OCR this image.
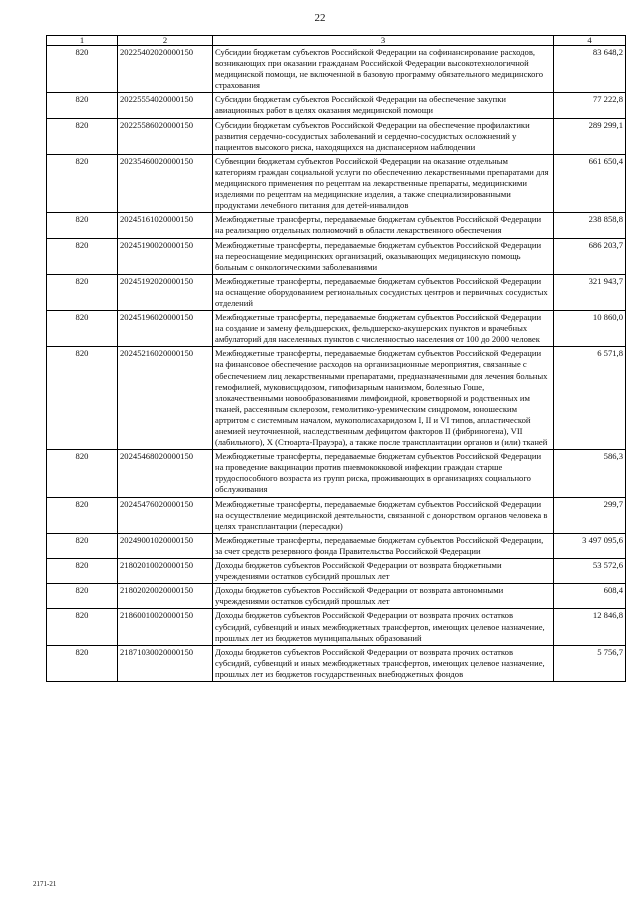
22
1	2	3	4
820	20225402020000150	Субсидии бюджетам субъектов Российской Федерации на софинансирование расходов, возникающих при оказании гражданам Российской Федерации высокотехнологичной медицинской помощи, не включенной в базовую программу обязательного медицинского страхования	83 648,2
820	20225554020000150	Субсидии бюджетам субъектов Российской Федерации на обеспечение закупки авиационных работ в целях оказания медицинской помощи	77 222,8
820	20225586020000150	Субсидии бюджетам субъектов Российской Федерации на обеспечение профилактики развития сердечно-сосудистых заболеваний и сердечно-сосудистых осложнений у пациентов высокого риска, находящихся на диспансерном наблюдении	289 299,1
820	20235460020000150	Субвенции бюджетам субъектов Российской Федерации на оказание отдельным категориям граждан социальной услуги по обеспечению лекарственными препаратами для медицинского применения по рецептам на лекарственные препараты, медицинскими изделиями по рецептам на медицинские изделия, а также специализированными продуктами лечебного питания для детей-инвалидов	661 650,4
820	20245161020000150	Межбюджетные трансферты, передаваемые бюджетам субъектов Российской Федерации на реализацию отдельных полномочий в области лекарственного обеспечения	238 858,8
820	20245190020000150	Межбюджетные трансферты, передаваемые бюджетам субъектов Российской Федерации на переоснащение медицинских организаций, оказывающих медицинскую помощь больным с онкологическими заболеваниями	686 203,7
820	20245192020000150	Межбюджетные трансферты, передаваемые бюджетам субъектов Российской Федерации на оснащение оборудованием региональных сосудистых центров и первичных сосудистых отделений	321 943,7
820	20245196020000150	Межбюджетные трансферты, передаваемые бюджетам субъектов Российской Федерации на создание и замену фельдшерских, фельдшерско-акушерских пунктов и врачебных амбулаторий для населенных пунктов с численностью населения от 100 до 2000 человек	10 860,0
820	20245216020000150	Межбюджетные трансферты, передаваемые бюджетам субъектов Российской Федерации на финансовое обеспечение расходов на организационные мероприятия, связанные с обеспечением лиц лекарственными препаратами, предназначенными для лечения больных гемофилией, муковисцидозом, гипофизарным нанизмом, болезнью Гоше, злокачественными новообразованиями лимфоидной, кроветворной и родственных им тканей, рассеянным склерозом, гемолитико-уремическим синдромом, юношеским артритом с системным началом, мукополисахаридозом I, II и VI типов, апластической анемией неуточненной, наследственным дефицитом факторов II (фибриногена), VII (лабильного), X (Стюарта-Прауэра), а также после трансплантации органов и (или) тканей	6 571,8
820	20245468020000150	Межбюджетные трансферты, передаваемые бюджетам субъектов Российской Федерации на проведение вакцинации против пневмококковой инфекции граждан старше трудоспособного возраста из групп риска, проживающих в организациях социального обслуживания	586,3
820	20245476020000150	Межбюджетные трансферты, передаваемые бюджетам субъектов Российской Федерации на осуществление медицинской деятельности, связанной с донорством органов человека в целях трансплантации (пересадки)	299,7
820	20249001020000150	Межбюджетные трансферты, передаваемые бюджетам субъектов Российской Федерации, за счет средств резервного фонда Правительства Российской Федерации	3 497 095,6
820	21802010020000150	Доходы бюджетов субъектов Российской Федерации от возврата бюджетными учреждениями остатков субсидий прошлых лет	53 572,6
820	21802020020000150	Доходы бюджетов субъектов Российской Федерации от возврата автономными учреждениями остатков субсидий прошлых лет	608,4
820	21860010020000150	Доходы бюджетов субъектов Российской Федерации от возврата прочих остатков субсидий, субвенций и иных межбюджетных трансфертов, имеющих целевое назначение, прошлых лет из бюджетов муниципальных образований	12 846,8
820	21871030020000150	Доходы бюджетов субъектов Российской Федерации от возврата прочих остатков субсидий, субвенций и иных межбюджетных трансфертов, имеющих целевое назначение, прошлых лет из бюджетов государственных внебюджетных фондов	5 756,7
2171-21
